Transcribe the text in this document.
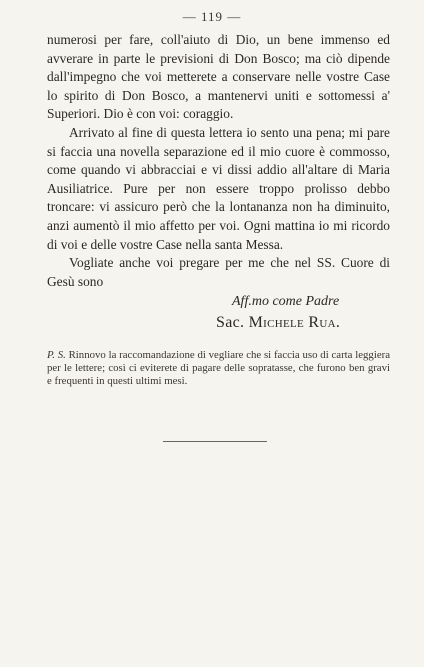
— 119 —

numerosi per fare, coll'aiuto di Dio, un bene immenso ed avverare in parte le previsioni di Don Bosco; ma ciò dipende dall'impegno che voi metterete a conservare nelle vostre Case lo spirito di Don Bosco, a mantenervi uniti e sottomessi a' Superiori. Dio è con voi: coraggio.

Arrivato al fine di questa lettera io sento una pena; mi pare si faccia una novella separazione ed il mio cuore è commosso, come quando vi abbracciai e vi dissi addio all'altare di Maria Ausiliatrice. Pure per non essere troppo prolisso debbo troncare: vi assicuro però che la lontananza non ha diminuito, anzi aumentò il mio affetto per voi. Ogni mattina io mi ricordo di voi e delle vostre Case nella santa Messa.

Vogliate anche voi pregare per me che nel SS. Cuore di Gesù sono

Aff.mo come Padre
Sac. Michele Rua.
P. S. Rinnovo la raccomandazione di vegliare che si faccia uso di carta leggiera per le lettere; così ci eviterete di pagare delle sopratasse, che furono ben gravi e frequenti in questi ultimi mesi.
